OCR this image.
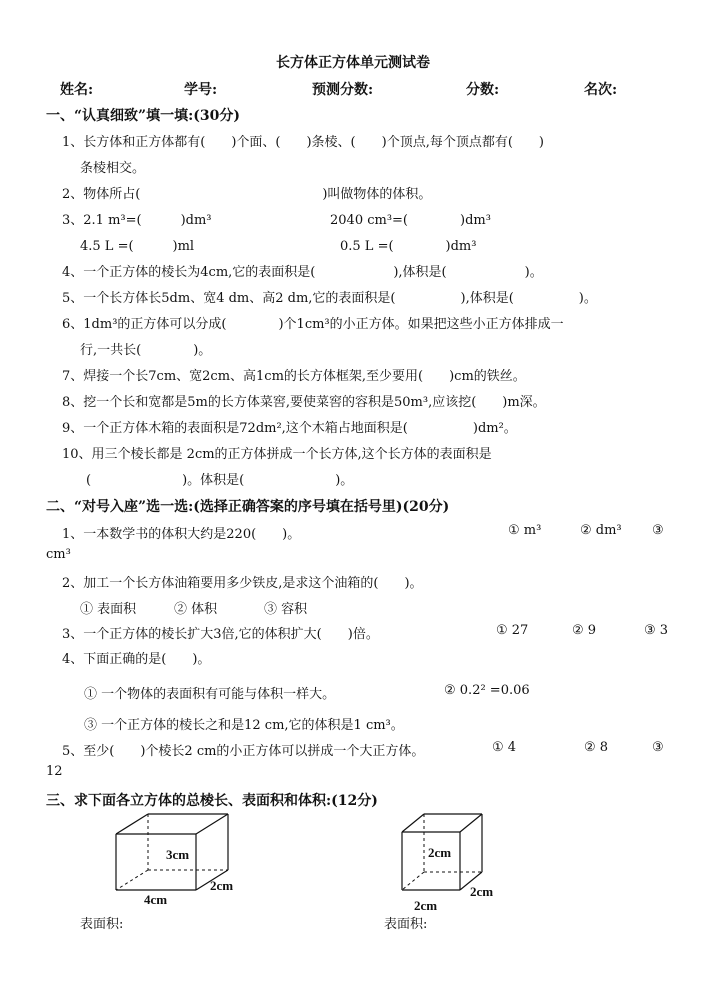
长方体正方体单元测试卷
姓名:	学号:	预测分数:	分数:	名次:
一、“认真细致”填一填:(30分)
1、长方体和正方体都有(　　)个面、(　　)条棱、(　　)个顶点,每个顶点都有(　　)
条棱相交。
2、物体所占(　　　　　　　　　　　　　　)叫做物体的体积。
3、2.1 m³=(　　　)dm³	2040 cm³=(　　　　)dm³
4.5 L =(　　　)ml	0.5 L =(　　　　)dm³
4、一个正方体的棱长为4cm,它的表面积是(　　　　　　),体积是(　　　　　　)。
5、一个长方体长5dm、宽4 dm、高2 dm,它的表面积是(　　　　　),体积是(　　　　　)。
6、1dm³的正方体可以分成(　　　　)个1cm³的小正方体。如果把这些小正方体排成一
行,一共长(　　　　)。
7、焊接一个长7cm、宽2cm、高1cm的长方体框架,至少要用(　　)cm的铁丝。
8、挖一个长和宽都是5m的长方体菜窖,要使菜窖的容积是50m³,应该挖(　　)m深。
9、一个正方体木箱的表面积是72dm²,这个木箱占地面积是(　　　　　)dm²。
10、用三个棱长都是 2cm的正方体拼成一个长方体,这个长方体的表面积是
(　　　　　　　)。体积是(　　　　　　　)。
二、“对号入座”选一选:(选择正确答案的序号填在括号里)(20分)
1、一本数学书的体积大约是220(　　)。	① m³	② dm³ ③
cm³
2、加工一个长方体油箱要用多少铁皮,是求这个油箱的(　　)。
① 表面积	② 体积	③ 容积
3、一个正方体的棱长扩大3倍,它的体积扩大(　　)倍。	① 27	② 9	③ 3
4、下面正确的是(　　)。
① 一个物体的表面积有可能与体积一样大。	② 0.2² =0.06
③ 一个正方体的棱长之和是12 cm,它的体积是1 cm³。
5、至少(　　)个棱长2 cm的小正方体可以拼成一个大正方体。	① 4	② 8	③
12
三、求下面各立方体的总棱长、表面积和体积:(12分)
3cm
4cm
2cm
表面积:
2cm
2cm
2cm
表面积:
